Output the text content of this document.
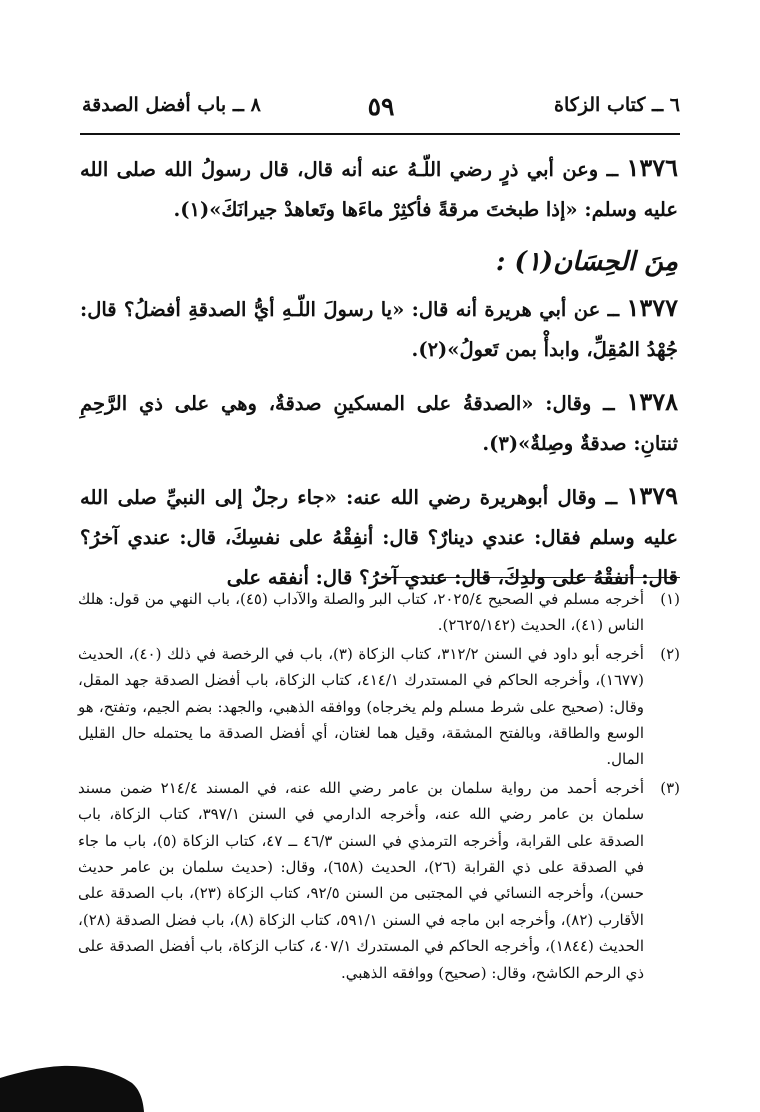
٦ ــ كتاب الزكاة
٥٩
٨ ــ باب أفضل الصدقة

١٣٧٦ ــ وعن أبي ذرٍ رضي اللّـهُ عنه أنه قال، قال رسولُ الله صلى الله عليه وسلم: «إذا طبختَ مرقةً فأكثِرْ ماءَها وتَعاهدْ جيرانَكَ»(١).

مِنَ الحِسَان(١) :

١٣٧٧ ــ عن أبي هريرة أنه قال: «يا رسولَ اللّـهِ أيُّ الصدقةِ أفضلُ؟ قال: جُهْدُ المُقِلِّ، وابدأْ بمن تَعولُ»(٢).

١٣٧٨ ــ وقال: «الصدقةُ على المسكينِ صدقةٌ، وهي على ذي الرَّحِمِ ثنتانِ: صدقةٌ وصِلةٌ»(٣).

١٣٧٩ ــ وقال أبوهريرة رضي الله عنه: «جاء رجلٌ إلى النبيِّ صلى الله عليه وسلم فقال: عندي دينارٌ؟ قال: أنفِقْهُ على نفسِكَ، قال: عندي آخرُ؟ قال: أنفقْهُ على ولدِكَ، قال: عندي آخرُ؟ قال: أنفقه على

(١)
أخرجه مسلم في الصحيح ٢٠٢٥/٤، كتاب البر والصلة والآداب (٤٥)، باب النهي من قول: هلك الناس (٤١)، الحديث (٢٦٢٥/١٤٢).
(٢)
أخرجه أبو داود في السنن ٣١٢/٢، كتاب الزكاة (٣)، باب في الرخصة في ذلك (٤٠)، الحديث (١٦٧٧)، وأخرجه الحاكم في المستدرك ٤١٤/١، كتاب الزكاة، باب أفضل الصدقة جهد المقل، وقال: (صحيح على شرط مسلم ولم يخرجاه) ووافقه الذهبي، والجهد: بضم الجيم، وتفتح، هو الوسع والطاقة، وبالفتح المشقة، وقيل هما لغتان، أي أفضل الصدقة ما يحتمله حال القليل المال.
(٣)
أخرجه أحمد من رواية سلمان بن عامر رضي الله عنه، في المسند ٢١٤/٤ ضمن مسند سلمان بن عامر رضي الله عنه، وأخرجه الدارمي في السنن ٣٩٧/١، كتاب الزكاة، باب الصدقة على القرابة، وأخرجه الترمذي في السنن ٤٦/٣ ــ ٤٧، كتاب الزكاة (٥)، باب ما جاء في الصدقة على ذي القرابة (٢٦)، الحديث (٦٥٨)، وقال: (حديث سلمان بن عامر حديث حسن)، وأخرجه النسائي في المجتبى من السنن ٩٢/٥، كتاب الزكاة (٢٣)، باب الصدقة على الأقارب (٨٢)، وأخرجه ابن ماجه في السنن ٥٩١/١، كتاب الزكاة (٨)، باب فضل الصدقة (٢٨)، الحديث (١٨٤٤)، وأخرجه الحاكم في المستدرك ٤٠٧/١، كتاب الزكاة، باب أفضل الصدقة على ذي الرحم الكاشح، وقال: (صحيح) ووافقه الذهبي.
